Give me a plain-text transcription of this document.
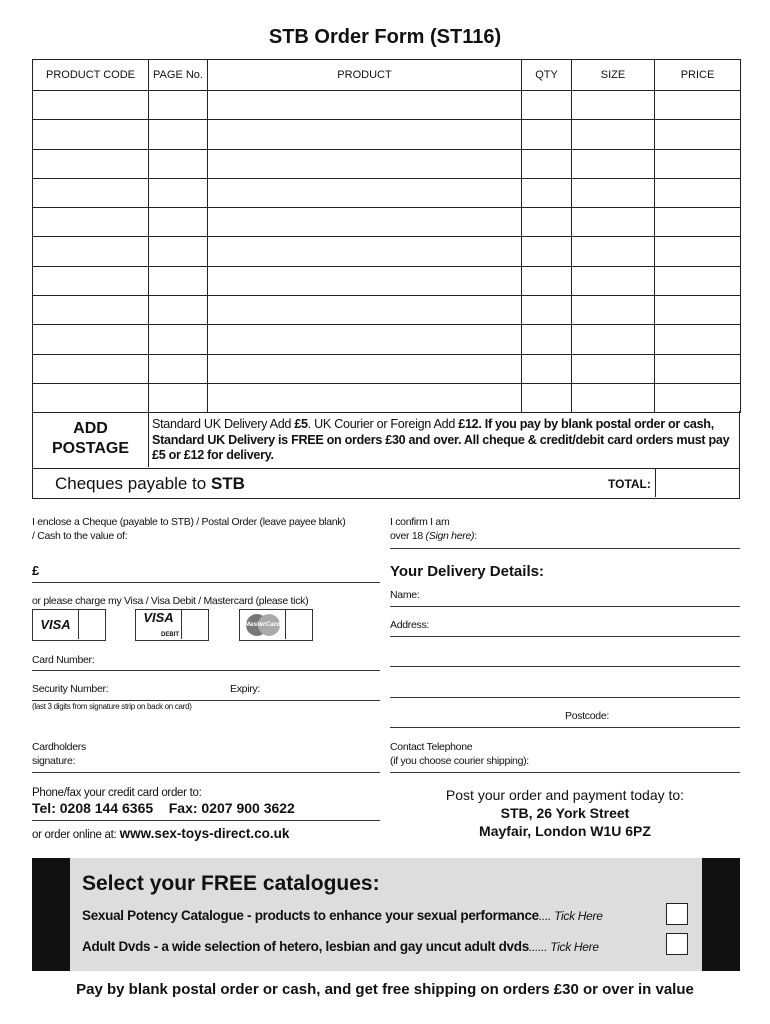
STB Order Form (ST116)
PRODUCT CODE	PAGE No.	PRODUCT	QTY	SIZE	PRICE

ADD
POSTAGE
Standard UK Delivery Add £5. UK Courier or Foreign Add £12. If you pay by blank postal order or cash, Standard UK Delivery is FREE on orders £30 and over. All cheque & credit/debit card orders must pay £5 or £12 for delivery.
Cheques payable to STB	TOTAL:
I enclose a Cheque (payable to STB) / Postal Order (leave payee blank)
/ Cash to the value of:
£
or please charge my Visa / Visa Debit / Mastercard (please tick)
VISA	VISA
DEBIT
MasterCard
Card Number:
Security Number:	Expiry:
(last 3 digits from signature strip on back on card)
Cardholders
signature:
Phone/fax your credit card order to:
Tel: 0208 144 6365 Fax: 0207 900 3622
or order online at: www.sex-toys-direct.co.uk
I confirm I am
over 18 (Sign here):
Your Delivery Details:
Name:
Address:
Postcode:
Contact Telephone
(if you choose courier shipping):
Post your order and payment today to:
STB, 26 York Street
Mayfair, London W1U 6PZ
Select your FREE catalogues:
Sexual Potency Catalogue - products to enhance your sexual performance.... Tick Here
Adult Dvds - a wide selection of hetero, lesbian and gay uncut adult dvds...... Tick Here
Pay by blank postal order or cash, and get free shipping on orders £30 or over in value
